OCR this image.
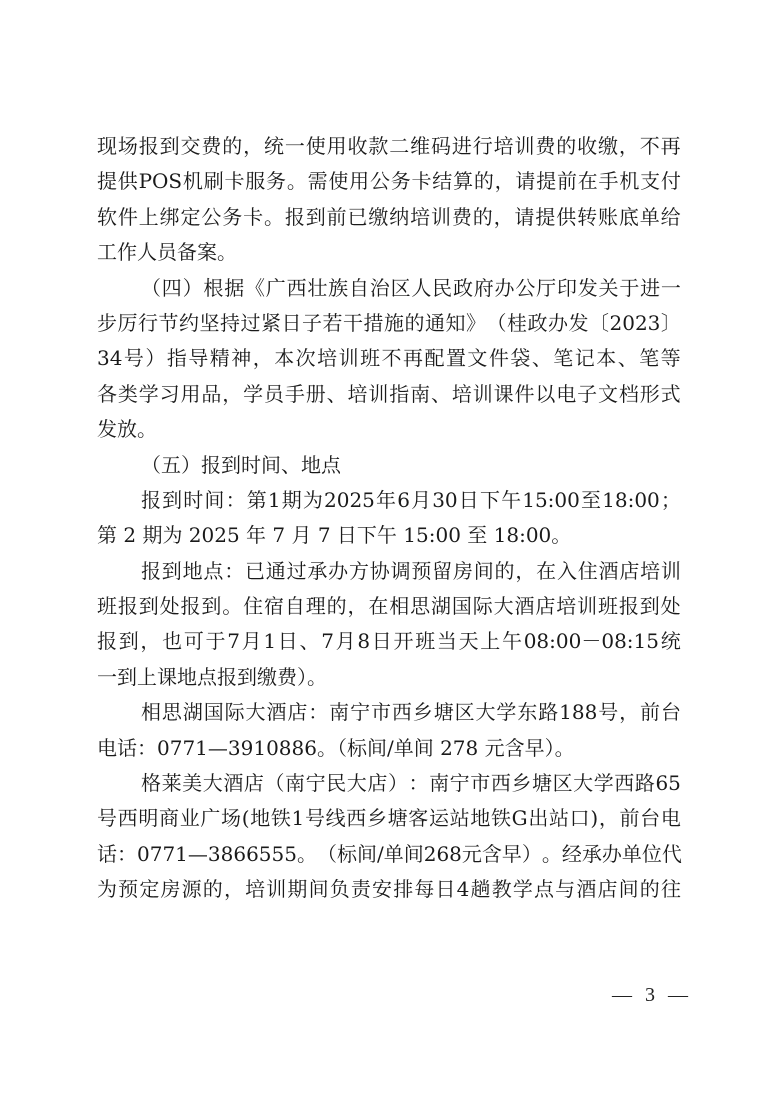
现 场 报 到 交 费 的 ， 统 一 使 用 收 款 二 维 码 进 行 培 训 费 的 收 缴 ， 不 再
提 供 POS 机 刷 卡 服 务 。 需 使 用 公 务 卡 结 算 的 ， 请 提 前 在 手 机 支 付
软 件 上 绑 定 公 务 卡 。 报 到 前 已 缴 纳 培 训 费 的 ， 请 提 供 转 账 底 单 给
工作人员备案。
（ 四 ） 根 据 《 广 西 壮 族 自 治 区 人 民 政 府 办 公 厅 印 发 关 于 进 一
步 厉 行 节 约 坚 持 过 紧 日 子 若 干 措 施 的 通 知 》 （ 桂 政 办 发 〔 2023 〕
34 号 ） 指 导 精 神 ， 本 次 培 训 班 不 再 配 置 文 件 袋 、 笔 记 本 、 笔 等
各 类 学 习 用 品 ， 学 员 手 册 、 培 训 指 南 、 培 训 课 件 以 电 子 文 档 形 式
发放。
（五）报到时间、地点
报 到 时 间 ： 第 1 期 为 2025 年 6 月 30 日 下 午 15:00 至 18:00 ；
第 2 期为 2025 年 7 月 7 日下午 15:00 至 18:00。
报 到 地 点 ： 已 通 过 承 办 方 协 调 预 留 房 间 的 ， 在 入 住 酒 店 培 训
班 报 到 处 报 到 。 住 宿 自 理 的 ， 在 相 思 湖 国 际 大 酒 店 培 训 班 报 到 处
报 到 ， 也 可 于 7 月 1 日 、 7 月 8 日 开 班 当 天 上 午 08:00－08:15 统
一到上课地点报到缴费）。
相 思 湖 国 际 大 酒 店 ： 南 宁 市 西 乡 塘 区 大 学 东 路 188 号 ， 前 台
电话：0771—3910886。（标间/单间 278 元含早）。
格 莱 美 大 酒 店 （ 南 宁 民 大 店 ） ： 南 宁 市 西 乡 塘 区 大 学 西 路 65
号 西 明 商 业 广 场 ( 地 铁 1 号 线 西 乡 塘 客 运 站 地 铁 G 出 站 口 ) ， 前 台 电
话 ： 0771—3866555 。 （ 标 间 / 单 间 268 元 含 早 ） 。 经 承 办 单 位 代
为 预 定 房 源 的 ， 培 训 期 间 负 责 安 排 每 日 4 趟 教 学 点 与 酒 店 间 的 往
— 3 —
